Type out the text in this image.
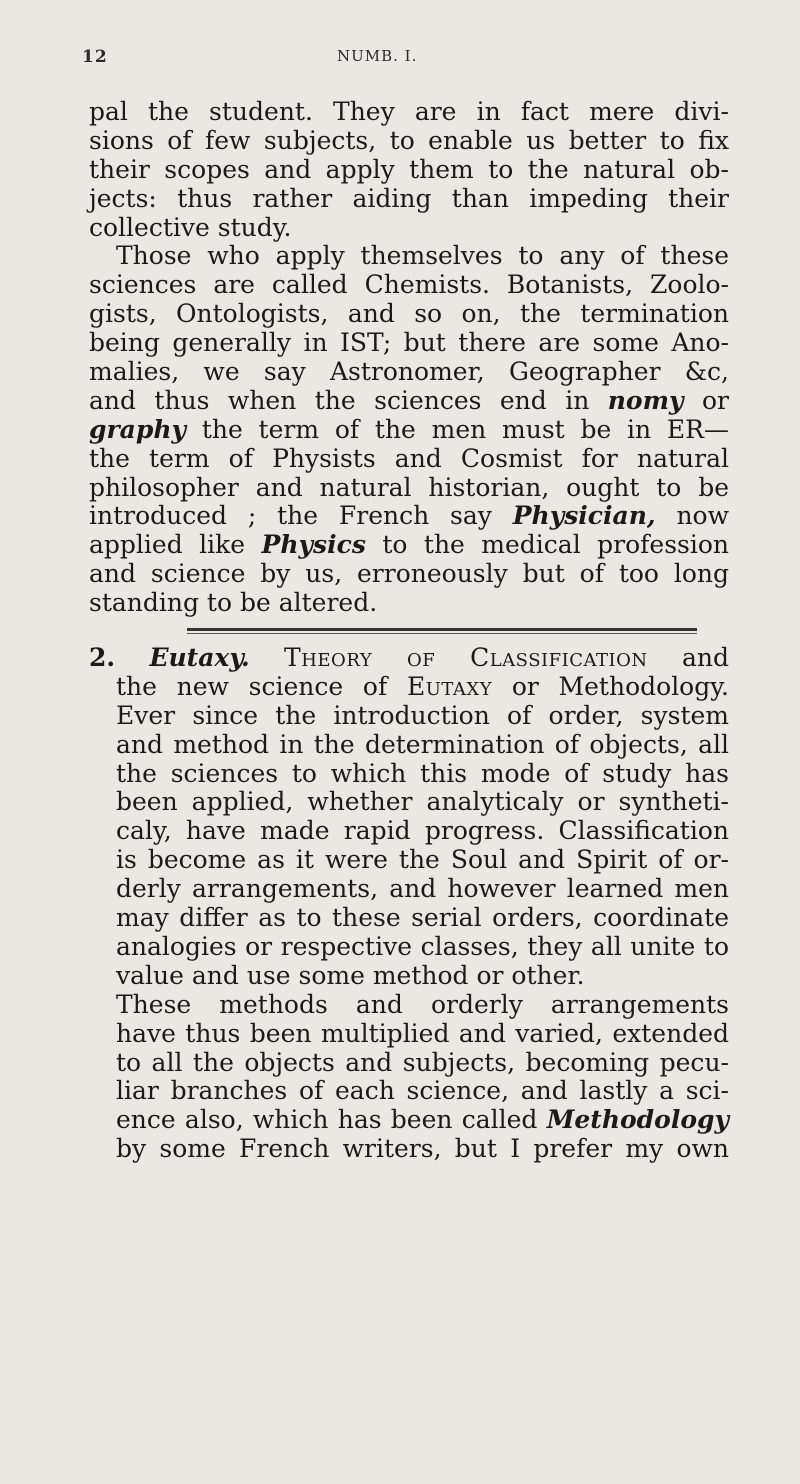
12	NUMB. I.
pal the student. They are in fact mere divi-
sions of few subjects, to enable us better to fix
their scopes and apply them to the natural ob-
jects: thus rather aiding than impeding their
collective study.
Those who apply themselves to any of these
sciences are called Chemists. Botanists, Zoolo-
gists, Ontologists, and so on, the termination
being generally in IST; but there are some Ano-
malies, we say Astronomer, Geographer &c,
and thus when the sciences end in nomy or
graphy the term of the men must be in ER—
the term of Physists and Cosmist for natural
philosopher and natural historian, ought to be
introduced ; the French say Physician, now
applied like Physics to the medical profession
and science by us, erroneously but of too long
standing to be altered.
2. Eutaxy. Theory of Classification and
the new science of Eutaxy or Methodology.
Ever since the introduction of order, system
and method in the determination of objects, all
the sciences to which this mode of study has
been applied, whether analyticaly or syntheti-
caly, have made rapid progress. Classification
is become as it were the Soul and Spirit of or-
derly arrangements, and however learned men
may differ as to these serial orders, coordinate
analogies or respective classes, they all unite to
value and use some method or other.
These methods and orderly arrangements
have thus been multiplied and varied, extended
to all the objects and subjects, becoming pecu-
liar branches of each science, and lastly a sci-
ence also, which has been called Methodology
by some French writers, but I prefer my own
